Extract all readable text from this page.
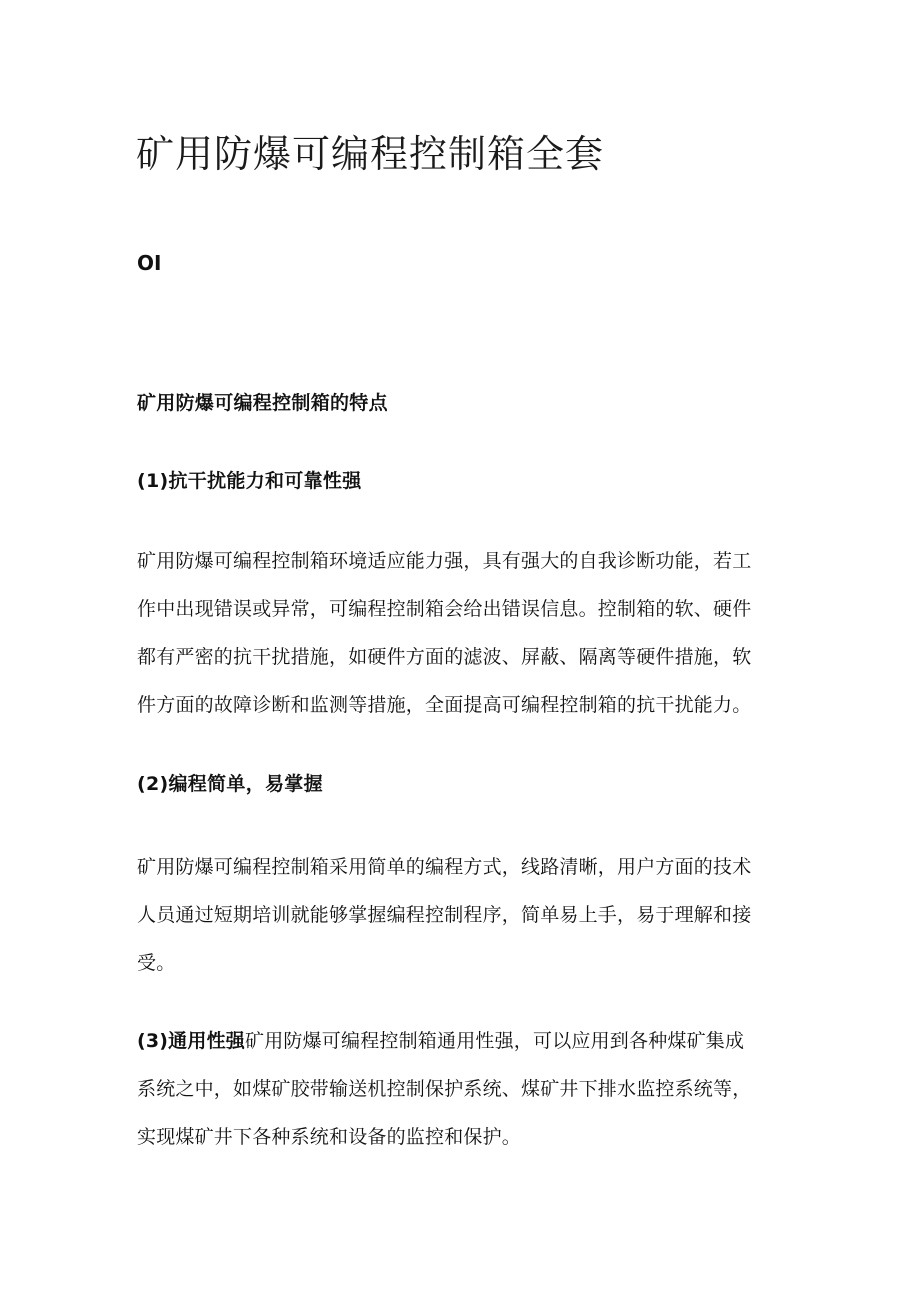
矿用防爆可编程控制箱全套
OI
矿用防爆可编程控制箱的特点
(1)抗干扰能力和可靠性强
矿用防爆可编程控制箱环境适应能力强，具有强大的自我诊断功能，若工
作中出现错误或异常，可编程控制箱会给出错误信息。控制箱的软、硬件
都有严密的抗干扰措施，如硬件方面的滤波、屏蔽、隔离等硬件措施，软
件方面的故障诊断和监测等措施，全面提高可编程控制箱的抗干扰能力。
(2)编程简单，易掌握
矿用防爆可编程控制箱采用简单的编程方式，线路清晰，用户方面的技术
人员通过短期培训就能够掌握编程控制程序，简单易上手，易于理解和接
受。
(3)通用性强矿用防爆可编程控制箱通用性强，可以应用到各种煤矿集成
系统之中，如煤矿胶带输送机控制保护系统、煤矿井下排水监控系统等，
实现煤矿井下各种系统和设备的监控和保护。
